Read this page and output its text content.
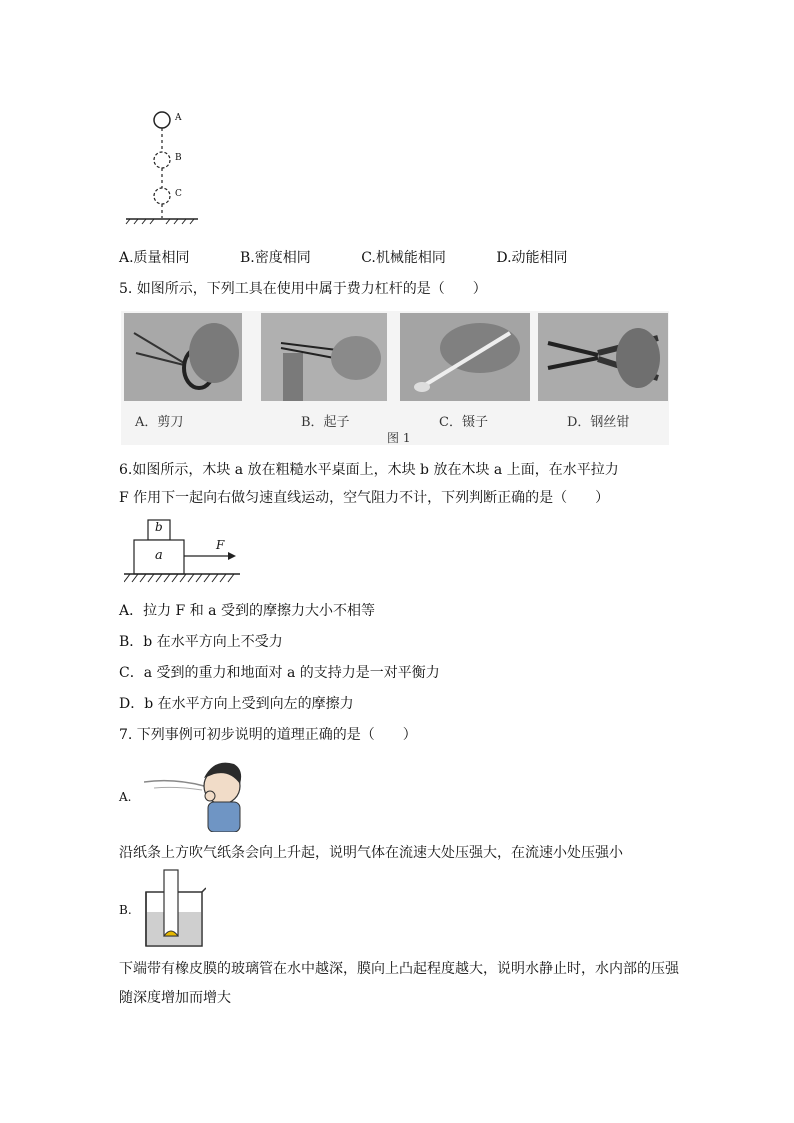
A
B
C
A.质量相同	B.密度相同	C.机械能相同	D.动能相同
5. 如图所示，下列工具在使用中属于费力杠杆的是（　　）
A．剪刀	B．起子	C．镊子	D．钢丝钳
图 1
6.如图所示，木块 a 放在粗糙水平桌面上，木块 b 放在木块 a 上面，在水平拉力
F 作用下一起向右做匀速直线运动，空气阻力不计，下列判断正确的是（　　）
b
a
F
A．拉力 F 和 a 受到的摩擦力大小不相等
B．b 在水平方向上不受力
C．a 受到的重力和地面对 a 的支持力是一对平衡力
D．b 在水平方向上受到向左的摩擦力
7. 下列事例可初步说明的道理正确的是（　　）
A.
沿纸条上方吹气纸条会向上升起，说明气体在流速大处压强大，在流速小处压强小
B.
下端带有橡皮膜的玻璃管在水中越深，膜向上凸起程度越大，说明水静止时，水内部的压强
随深度增加而增大
